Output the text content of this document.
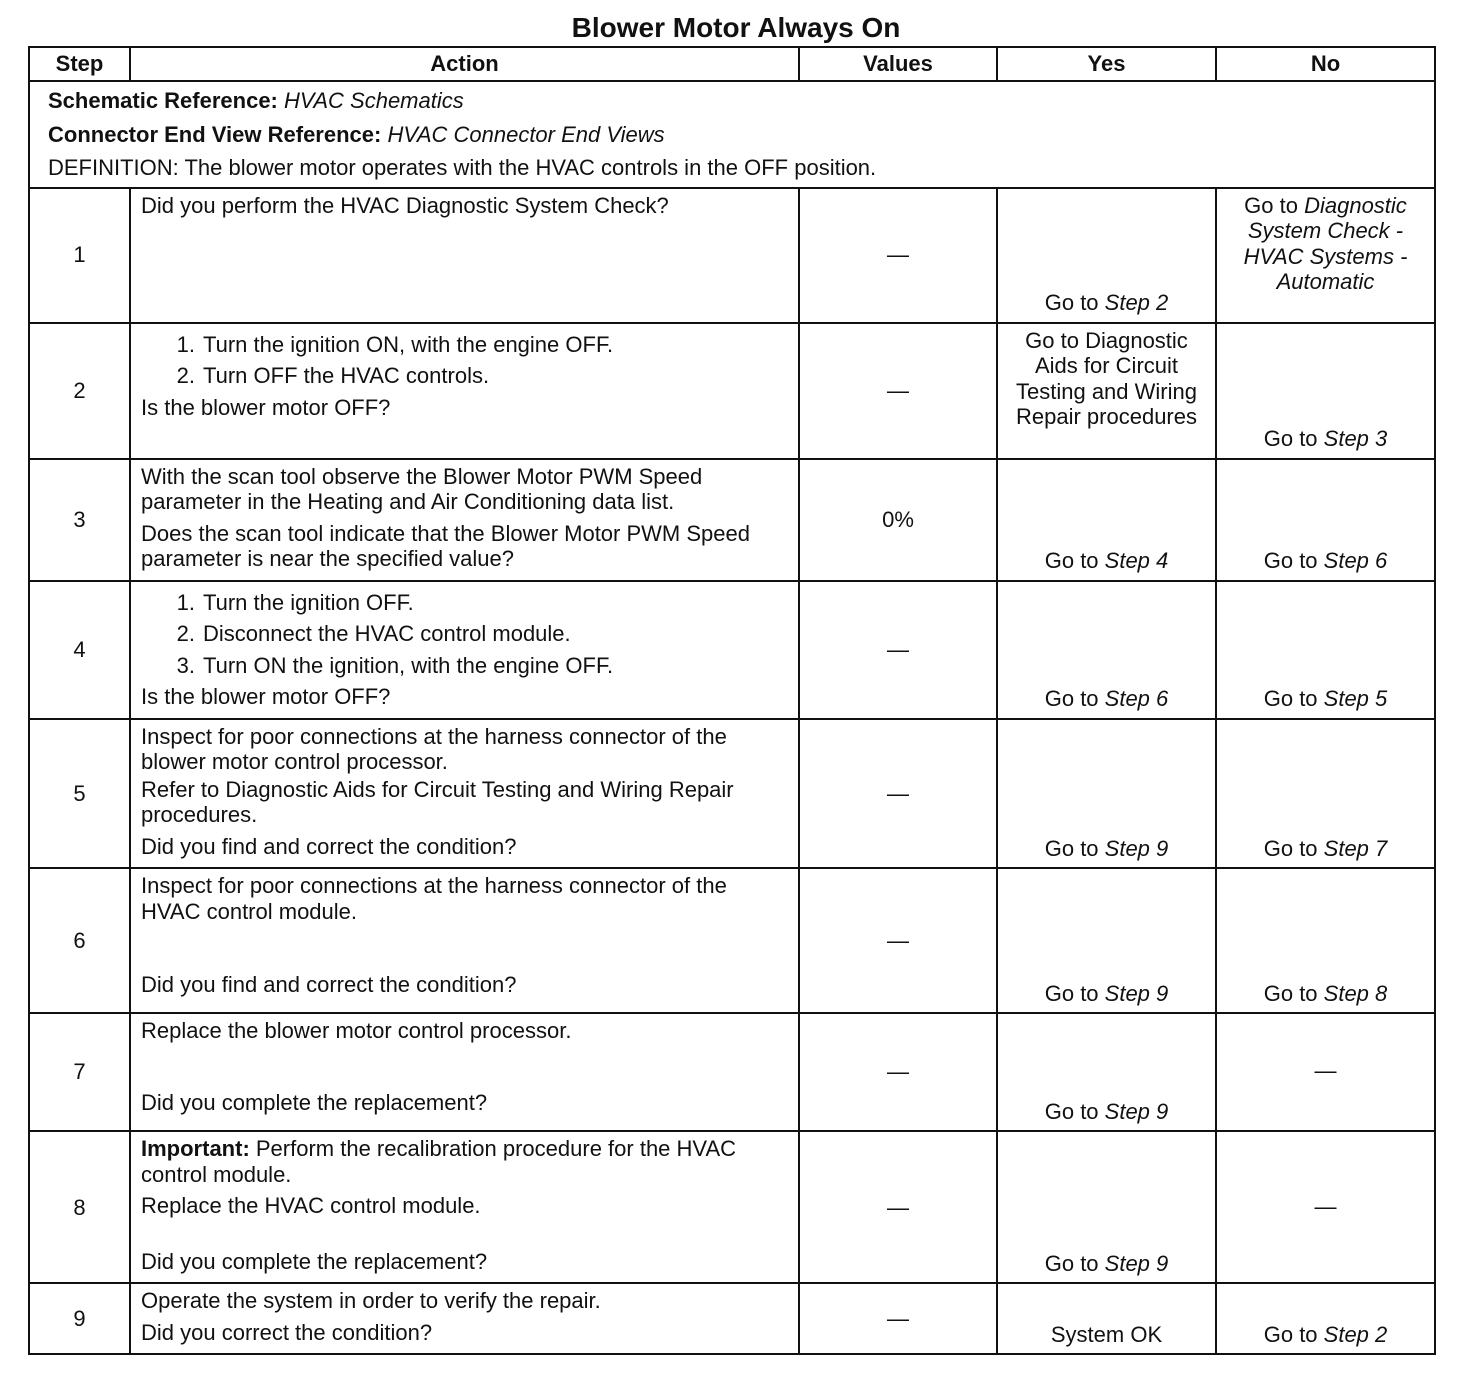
Blower Motor Always On
Step	Action	Values	Yes	No

Schematic Reference: HVAC Schematics
Connector End View Reference: HVAC Connector End Views
DEFINITION: The blower motor operates with the HVAC controls in the OFF position.				

1	Did you perform the HVAC Diagnostic System Check?	—	Go to Step 2	Go to Diagnostic System Check - HVAC Systems - Automatic
2	1. Turn the ignition ON, with the engine OFF.
2. Turn OFF the HVAC controls.
Is the blower motor OFF?	—	Go to Diagnostic Aids for Circuit Testing and Wiring Repair procedures	Go to Step 3
3	With the scan tool observe the Blower Motor PWM Speed parameter in the Heating and Air Conditioning data list.
Does the scan tool indicate that the Blower Motor PWM Speed parameter is near the specified value?	0%	Go to Step 4	Go to Step 6
4	1. Turn the ignition OFF.
2. Disconnect the HVAC control module.
3. Turn ON the ignition, with the engine OFF.
Is the blower motor OFF?	—	Go to Step 6	Go to Step 5
5	Inspect for poor connections at the harness connector of the blower motor control processor.
Refer to Diagnostic Aids for Circuit Testing and Wiring Repair procedures.
Did you find and correct the condition?	—	Go to Step 9	Go to Step 7
6	Inspect for poor connections at the harness connector of the HVAC control module.
Did you find and correct the condition?	—	Go to Step 9	Go to Step 8
7	Replace the blower motor control processor.
Did you complete the replacement?	—	Go to Step 9	—
8	Important: Perform the recalibration procedure for the HVAC control module.
Replace the HVAC control module.
Did you complete the replacement?	—	Go to Step 9	—
9	Operate the system in order to verify the repair.
Did you correct the condition?	—	System OK	Go to Step 2
